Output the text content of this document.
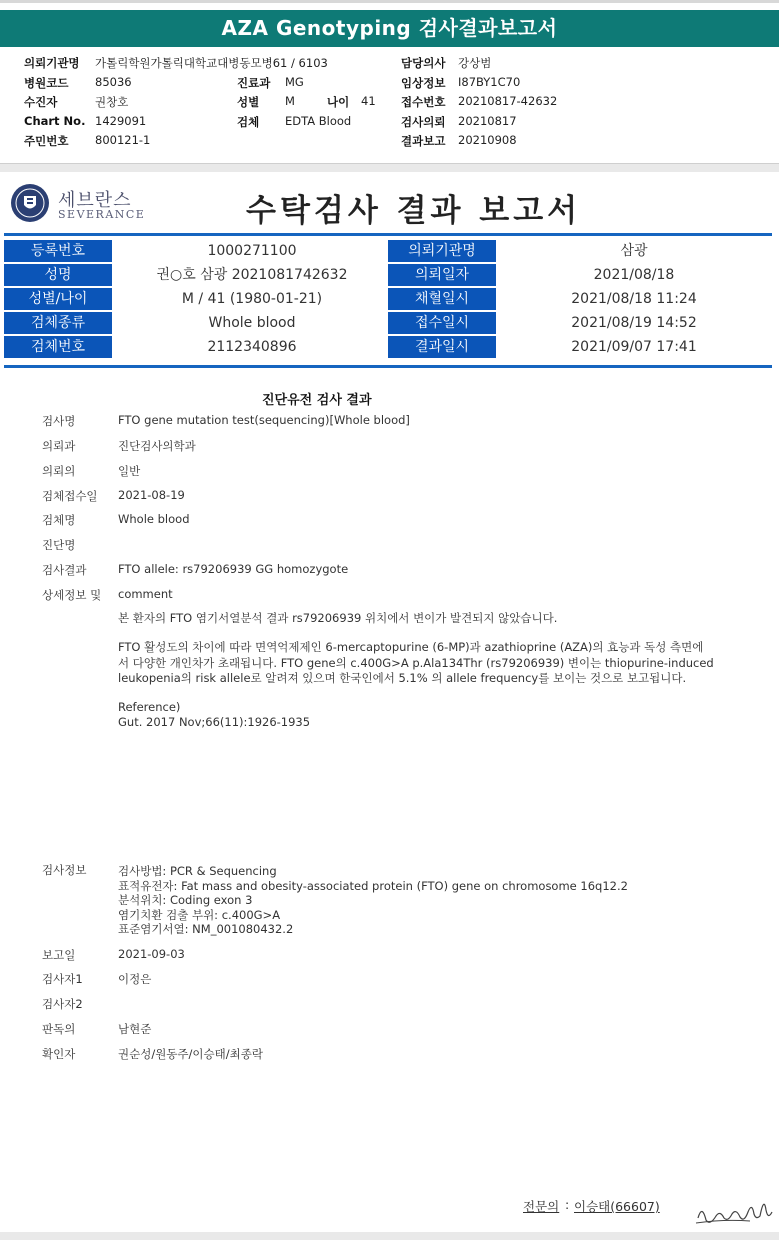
AZA Genotyping 검사결과보고서
의뢰기관명 가톨릭학원가톨릭대학교대병동모병61 / 6103	담당의사 강상범
병원코드 85036	진료과 MG	임상정보 I87BY1C70
수진자	권창호	성별 M	나이 41 접수번호 20210817-42632
Chart No. 1429091	검체 EDTA Blood	검사의뢰 20210817
주민번호 800121-1	결과보고 20210908
세브란스
SEVERANCE	수탁검사 결과 보고서
등록번호	1000271100	의뢰기관명	삼광
성명	권○호 삼광 2021081742632	의뢰일자	2021/08/18
성별/나이	M / 41 (1980-01-21)	채혈일시	2021/08/18 11:24
검체종류	Whole blood	접수일시	2021/08/19 14:52
검체번호	2112340896	결과일시	2021/09/07 17:41
진단유전 검사 결과
검사명	FTO gene mutation test(sequencing)[Whole blood]
의뢰과	진단검사의학과
의뢰의	일반
검체접수일 2021-08-19
검체명	Whole blood
진단명
검사결과	FTO allele: rs79206939 GG homozygote
상세정보 및 comment
본 환자의 FTO 염기서열분석 결과 rs79206939 위치에서 변이가 발견되지 않았습니다.
FTO 활성도의 차이에 따라 면역억제제인 6-mercaptopurine (6-MP)과 azathioprine (AZA)의 효능과 독성 측면에
서 다양한 개인차가 초래됩니다. FTO gene의 c.400G>A p.Ala134Thr (rs79206939) 변이는 thiopurine-induced
leukopenia의 risk allele로 알려져 있으며 한국인에서 5.1% 의 allele frequency를 보이는 것으로 보고됩니다.
Reference)
Gut. 2017 Nov;66(11):1926-1935
검사정보	검사방법: PCR & Sequencing
표적유전자: Fat mass and obesity-associated protein (FTO) gene on chromosome 16q12.2
분석위치: Coding exon 3
염기치환 검출 부위: c.400G>A
표준염기서열: NM_001080432.2
보고일	2021-09-03
검사자1	이정은
검사자2
판독의	남현준
확인자	권순성/원동주/이승태/최종락
전문의 : 이승태(66607)
